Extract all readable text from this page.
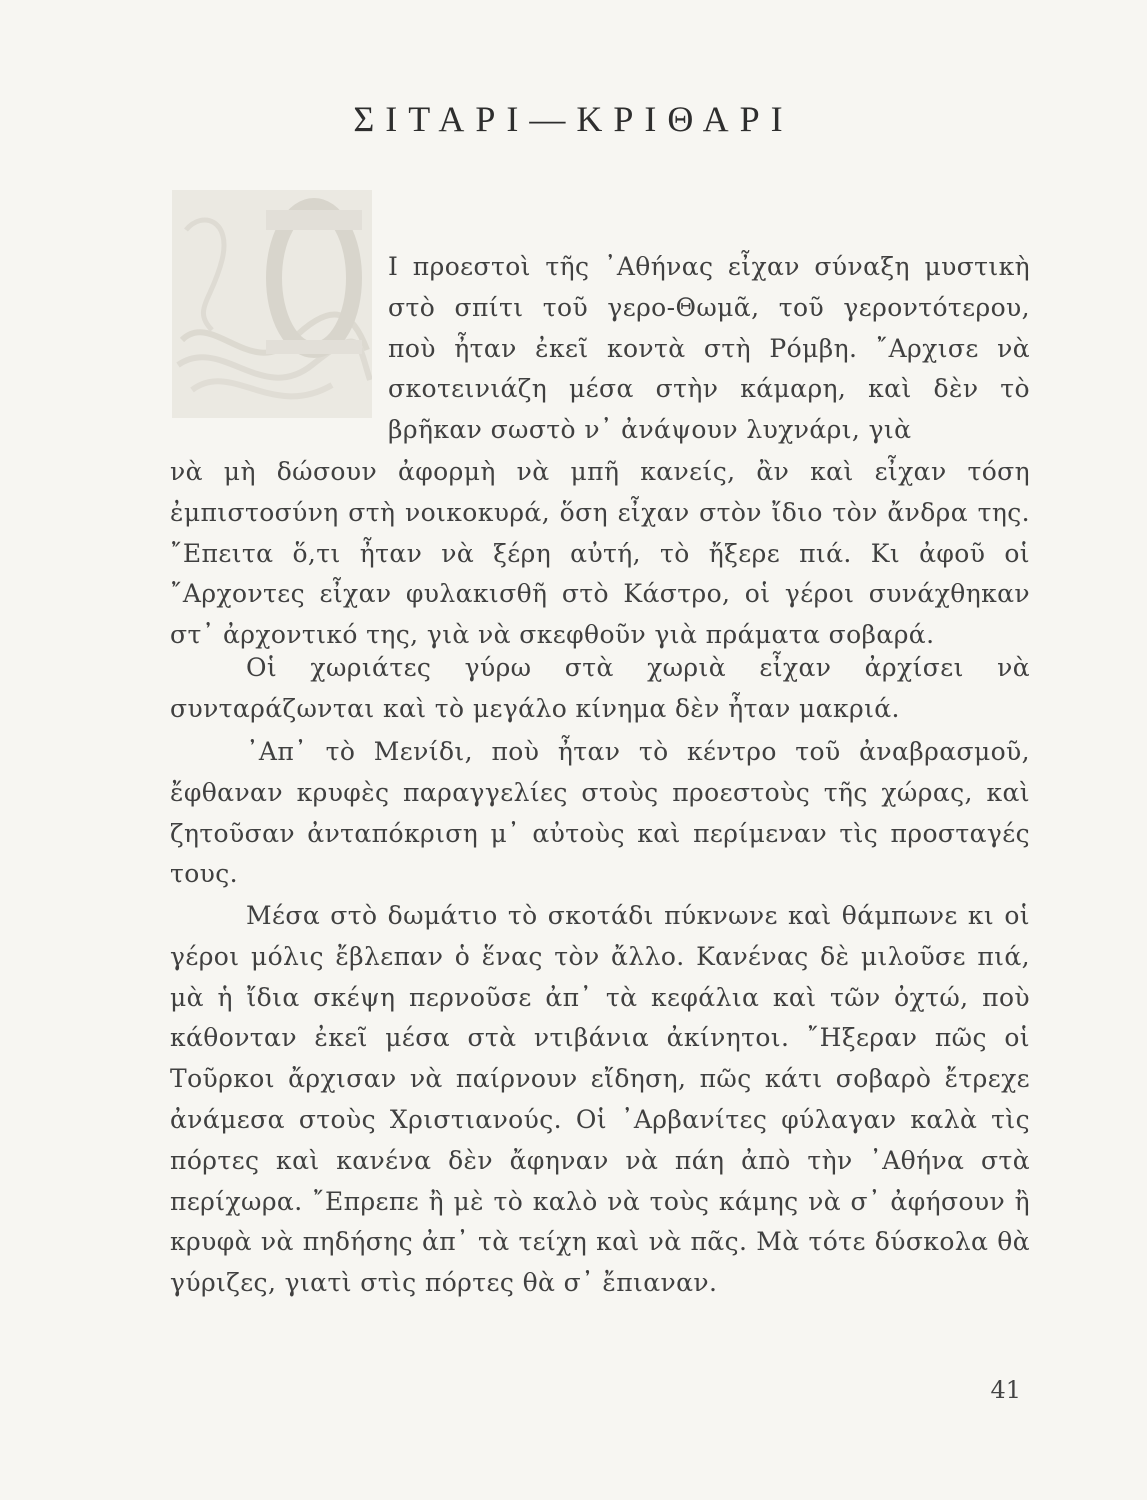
ΣΙΤΑΡΙ—ΚΡΙΘΑΡΙ

Ι προεστοὶ τῆς ᾽Αθήνας εἶχαν σύναξη μυστικὴ στὸ σπίτι τοῦ γερο-Θωμᾶ, τοῦ γεροντότερου, ποὺ ἦταν ἐκεῖ κοντὰ στὴ Ρόμβη. ῎Αρχισε νὰ σκοτεινιάζη μέσα στὴν κάμαρη, καὶ δὲν τὸ βρῆκαν σωστὸ ν᾽ ἀνάψουν λυχνάρι, γιὰ

νὰ μὴ δώσουν ἀφορμὴ νὰ μπῆ κανείς, ἂν καὶ εἶχαν τόση ἐμπιστοσύνη στὴ νοικοκυρά, ὅση εἶχαν στὸν ἴδιο τὸν ἄνδρα της. ῎Επειτα ὅ,τι ἦταν νὰ ξέρη αὐτή, τὸ ἤξερε πιά. Κι ἀφοῦ οἱ ῎Αρχοντες εἶχαν φυλακισθῆ στὸ Κάστρο, οἱ γέροι συνάχθηκαν στ᾽ ἀρχοντικό της, γιὰ νὰ σκεφθοῦν γιὰ πράματα σοβαρά.

Οἱ χωριάτες γύρω στὰ χωριὰ εἶχαν ἀρχίσει νὰ συνταράζωνται καὶ τὸ μεγάλο κίνημα δὲν ἦταν μακριά.

᾽Απ᾽ τὸ Μενίδι, ποὺ ἦταν τὸ κέντρο τοῦ ἀναβρασμοῦ, ἔφθαναν κρυφὲς παραγγελίες στοὺς προεστοὺς τῆς χώρας, καὶ ζητοῦσαν ἀνταπόκριση μ᾽ αὐτοὺς καὶ περίμεναν τὶς προσταγές τους.

Μέσα στὸ δωμάτιο τὸ σκοτάδι πύκνωνε καὶ θάμπωνε κι οἱ γέροι μόλις ἔβλεπαν ὁ ἕνας τὸν ἄλλο. Κανένας δὲ μιλοῦσε πιά, μὰ ἡ ἴδια σκέψη περνοῦσε ἀπ᾽ τὰ κεφάλια καὶ τῶν ὀχτώ, ποὺ κάθονταν ἐκεῖ μέσα στὰ ντιβάνια ἀκίνητοι. ῎Ηξεραν πῶς οἱ Τοῦρκοι ἄρχισαν νὰ παίρνουν εἴδηση, πῶς κάτι σοβαρὸ ἔτρεχε ἀνάμεσα στοὺς Χριστιανούς. Οἱ ᾽Αρβανίτες φύλαγαν καλὰ τὶς πόρτες καὶ κανένα δὲν ἄφηναν νὰ πάη ἀπὸ τὴν ᾽Αθήνα στὰ περίχωρα. ῎Επρεπε ἢ μὲ τὸ καλὸ νὰ τοὺς κάμης νὰ σ᾽ ἀφήσουν ἢ κρυφὰ νὰ πηδήσης ἀπ᾽ τὰ τείχη καὶ νὰ πᾶς. Μὰ τότε δύσκολα θὰ γύριζες, γιατὶ στὶς πόρτες θὰ σ᾽ ἔπιαναν.

41
